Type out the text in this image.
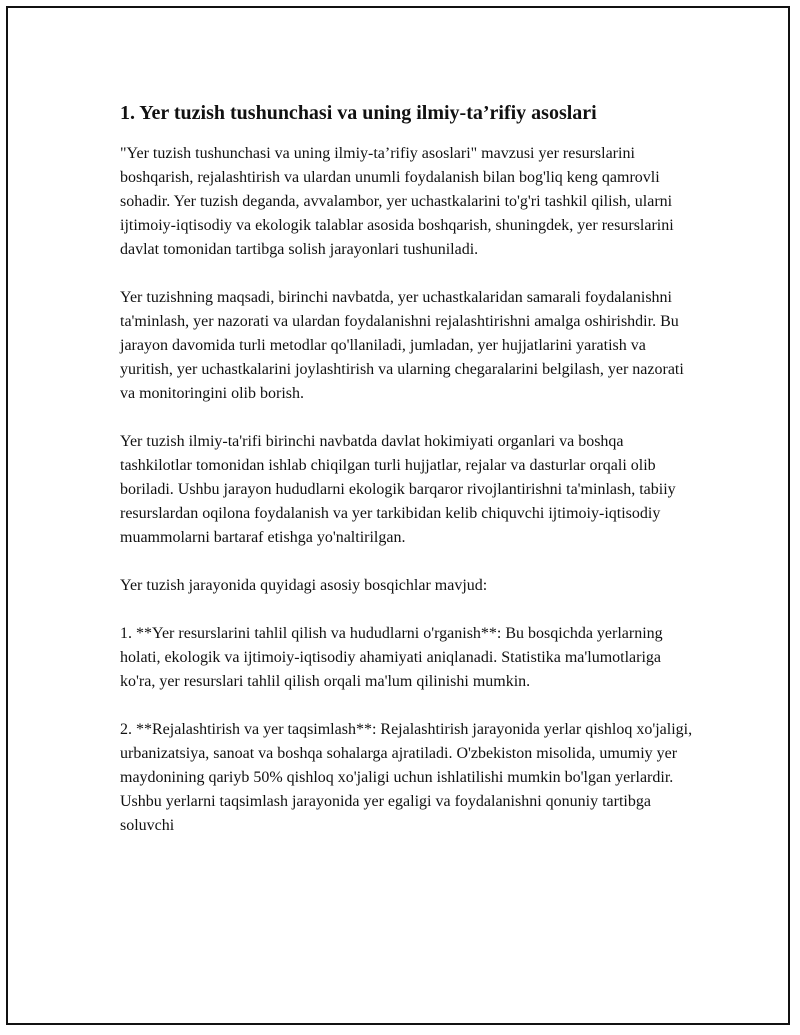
1. Yer tuzish tushunchasi va uning ilmiy-ta’rifiy asoslari

"Yer tuzish tushunchasi va uning ilmiy-ta’rifiy asoslari" mavzusi yer resurslarini boshqarish, rejalashtirish va ulardan unumli foydalanish bilan bog'liq keng qamrovli sohadir. Yer tuzish deganda, avvalambor, yer uchastkalarini to'g'ri tashkil qilish, ularni ijtimoiy-iqtisodiy va ekologik talablar asosida boshqarish, shuningdek, yer resurslarini davlat tomonidan tartibga solish jarayonlari tushuniladi.

Yer tuzishning maqsadi, birinchi navbatda, yer uchastkalaridan samarali foydalanishni ta'minlash, yer nazorati va ulardan foydalanishni rejalashtirishni amalga oshirishdir. Bu jarayon davomida turli metodlar qo'llaniladi, jumladan, yer hujjatlarini yaratish va yuritish, yer uchastkalarini joylashtirish va ularning chegaralarini belgilash, yer nazorati va monitoringini olib borish.

Yer tuzish ilmiy-ta'rifi birinchi navbatda davlat hokimiyati organlari va boshqa tashkilotlar tomonidan ishlab chiqilgan turli hujjatlar, rejalar va dasturlar orqali olib boriladi. Ushbu jarayon hududlarni ekologik barqaror rivojlantirishni ta'minlash, tabiiy resurslardan oqilona foydalanish va yer tarkibidan kelib chiquvchi ijtimoiy-iqtisodiy muammolarni bartaraf etishga yo'naltirilgan.

Yer tuzish jarayonida quyidagi asosiy bosqichlar mavjud:

1. **Yer resurslarini tahlil qilish va hududlarni o'rganish**: Bu bosqichda yerlarning holati, ekologik va ijtimoiy-iqtisodiy ahamiyati aniqlanadi. Statistika ma'lumotlariga ko'ra, yer resurslari tahlil qilish orqali ma'lum qilinishi mumkin.

2. **Rejalashtirish va yer taqsimlash**: Rejalashtirish jarayonida yerlar qishloq xo'jaligi, urbanizatsiya, sanoat va boshqa sohalarga ajratiladi. O'zbekiston misolida, umumiy yer maydonining qariyb 50% qishloq xo'jaligi uchun ishlatilishi mumkin bo'lgan yerlardir. Ushbu yerlarni taqsimlash jarayonida yer egaligi va foydalanishni qonuniy tartibga soluvchi
